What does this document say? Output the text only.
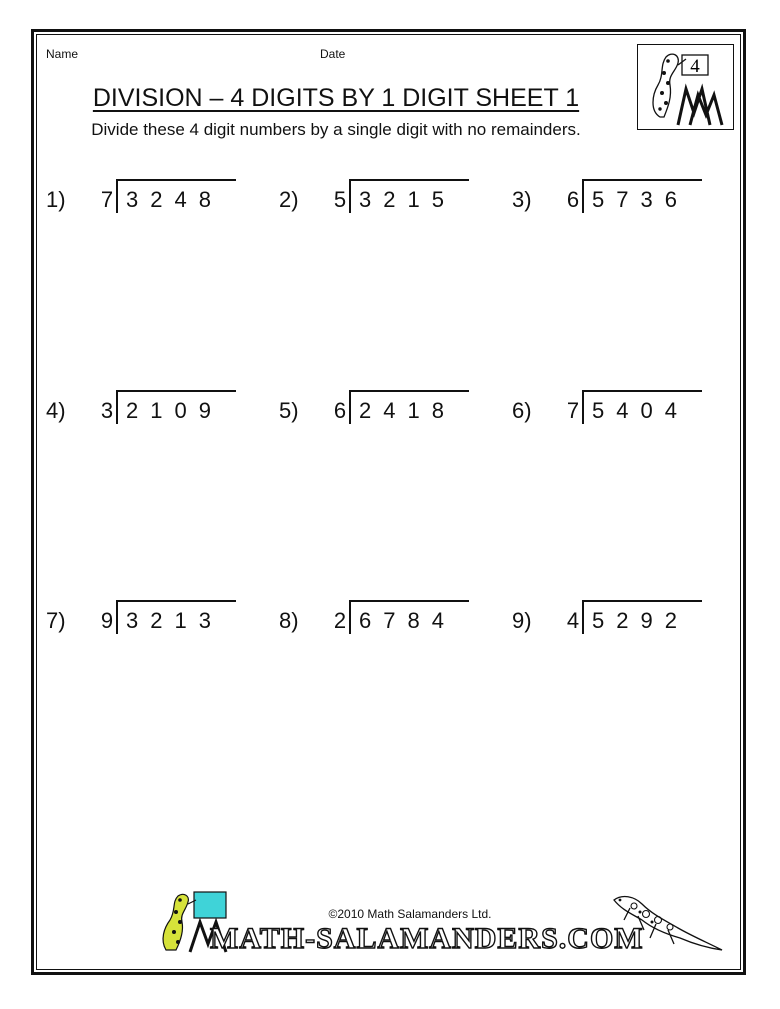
Name	Date
DIVISION – 4 DIGITS BY 1 DIGIT SHEET 1
Divide these 4 digit numbers by a single digit with no remainders.
4
1)	7 3248	2)	5 3215	3)	6 5736
4)	3 2109	5)	6 2418	6)	7 5404
7)	9 3213	8)	2 6784	9)	4 5292
©2010 Math Salamanders Ltd.
MATH-SALAMANDERS.COM
